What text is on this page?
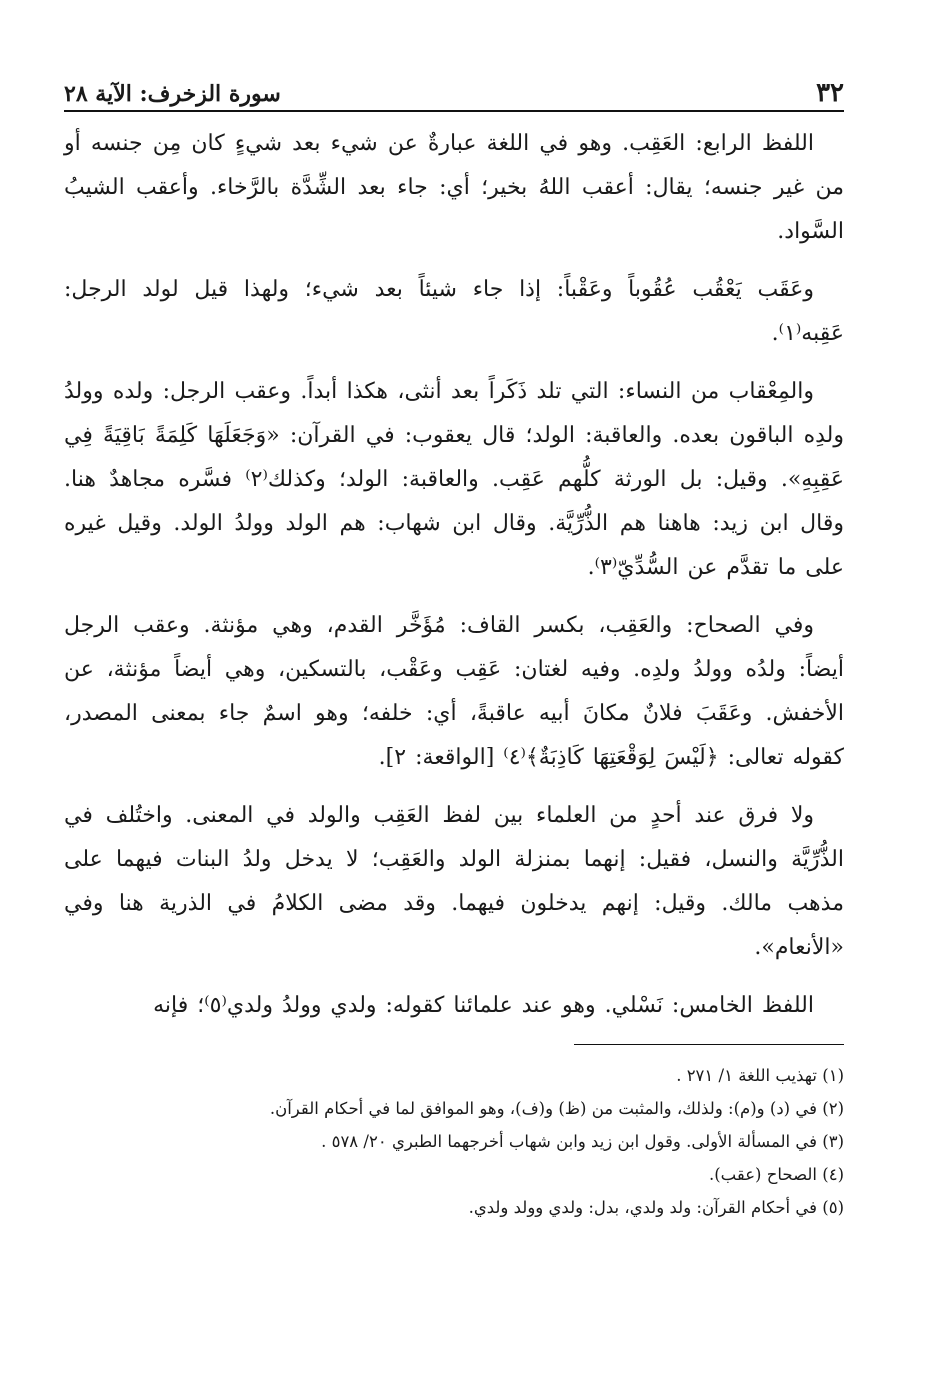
٣٢
سورة الزخرف: الآية ٢٨

اللفظ الرابع: العَقِب. وهو في اللغة عبارةٌ عن شيء بعد شيءٍ كان مِن جنسه أو من غير جنسه؛ يقال: أعقب اللهُ بخير؛ أي: جاء بعد الشِّدَّة بالرَّخاء. وأعقب الشيبُ السَّواد.

وعَقَب يَعْقُب عُقُوباً وعَقْباً: إذا جاء شيئاً بعد شيء؛ ولهذا قيل لولد الرجل: عَقِبه⁽١⁾.

والمِعْقاب من النساء: التي تلد ذَكَراً بعد أنثى، هكذا أبداً. وعقب الرجل: ولده وولدُ ولدِه الباقون بعده. والعاقبة: الولد؛ قال يعقوب: في القرآن: «وَجَعَلَهَا كَلِمَةً بَاقِيَةً فِي عَقِبِهِ». وقيل: بل الورثة كلُّهم عَقِب. والعاقبة: الولد؛ وكذلك⁽٢⁾ فسَّره مجاهدٌ هنا. وقال ابن زيد: هاهنا هم الذُّرِّيَّة. وقال ابن شهاب: هم الولد وولدُ الولد. وقيل غيره على ما تقدَّم عن السُّدِّيّ⁽٣⁾.

وفي الصحاح: والعَقِب، بكسر القاف: مُؤَخَّر القدم، وهي مؤنثة. وعقب الرجل أيضاً: ولدُه وولدُ ولدِه. وفيه لغتان: عَقِب وعَقْب، بالتسكين، وهي أيضاً مؤنثة، عن الأخفش. وعَقَبَ فلانٌ مكانَ أبيه عاقبةً، أي: خلفه؛ وهو اسمٌ جاء بمعنى المصدر، كقوله تعالى: ﴿لَيْسَ لِوَقْعَتِهَا كَاذِبَةٌ﴾⁽٤⁾ [الواقعة: ٢].

ولا فرق عند أحدٍ من العلماء بين لفظ العَقِب والولد في المعنى. واختُلف في الذُّرِّيَّة والنسل، فقيل: إنهما بمنزلة الولد والعَقِب؛ لا يدخل ولدُ البنات فيهما على مذهب مالك. وقيل: إنهم يدخلون فيهما. وقد مضى الكلامُ في الذرية هنا وفي «الأنعام».

اللفظ الخامس: نَسْلي. وهو عند علمائنا كقوله: ولدي وولدُ ولدي⁽٥⁾؛ فإنه

(١) تهذيب اللغة ١/ ٢٧١ .

(٢) في (د) و(م): ولذلك، والمثبت من (ظ) و(ف)، وهو الموافق لما في أحكام القرآن.

(٣) في المسألة الأولى. وقول ابن زيد وابن شهاب أخرجهما الطبري ٢٠/ ٥٧٨ .

(٤) الصحاح (عقب).

(٥) في أحكام القرآن: ولد ولدي، بدل: ولدي وولد ولدي.
